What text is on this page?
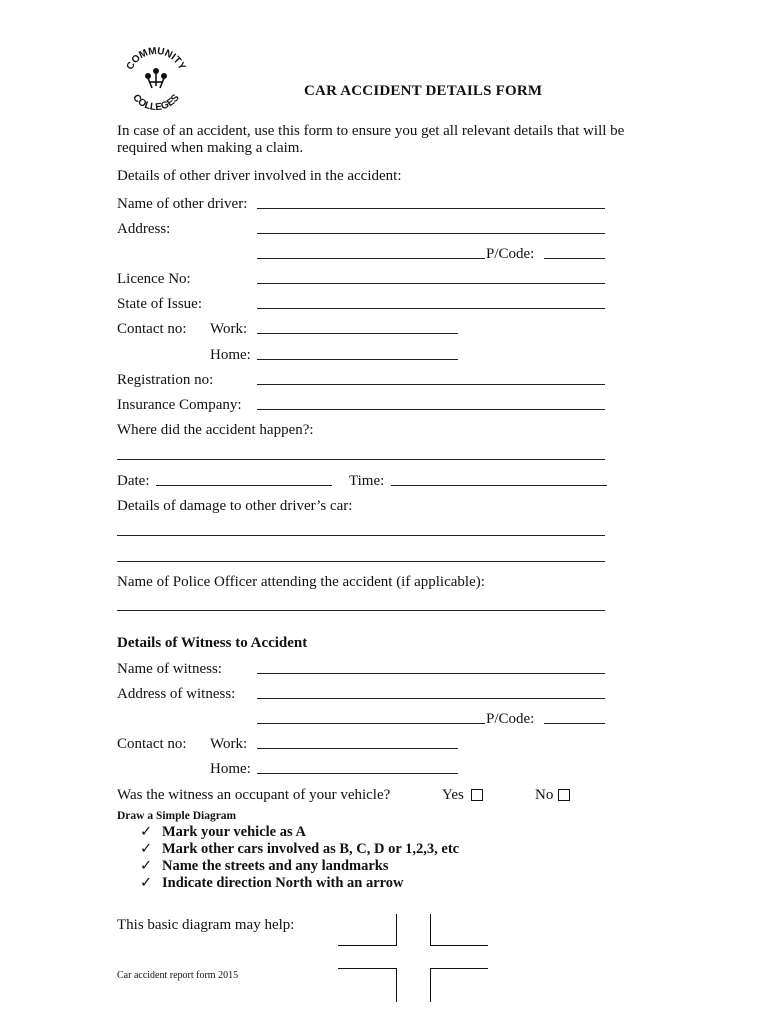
COMMUNITY
COLLEGES	CAR ACCIDENT DETAILS FORM
In case of an accident, use this form to ensure you get all relevant details that will be
required when making a claim.
Details of other driver involved in the accident:
Name of other driver:
Address:
P/Code:
Licence No:
State of Issue:
Contact no: Work:
Home:
Registration no:
Insurance Company:
Where did the accident happen?:
Date:	Time:
Details of damage to other driver’s car:
Name of Police Officer attending the accident (if applicable):
Details of Witness to Accident
Name of witness:
Address of witness:
P/Code:
Contact no: Work:
Home:
Was the witness an occupant of your vehicle?	Yes	No
Draw a Simple Diagram
✓ Mark your vehicle as A
✓ Mark other cars involved as B, C, D or 1,2,3, etc
✓ Name the streets and any landmarks
✓ Indicate direction North with an arrow
This basic diagram may help:
Car accident report form 2015
